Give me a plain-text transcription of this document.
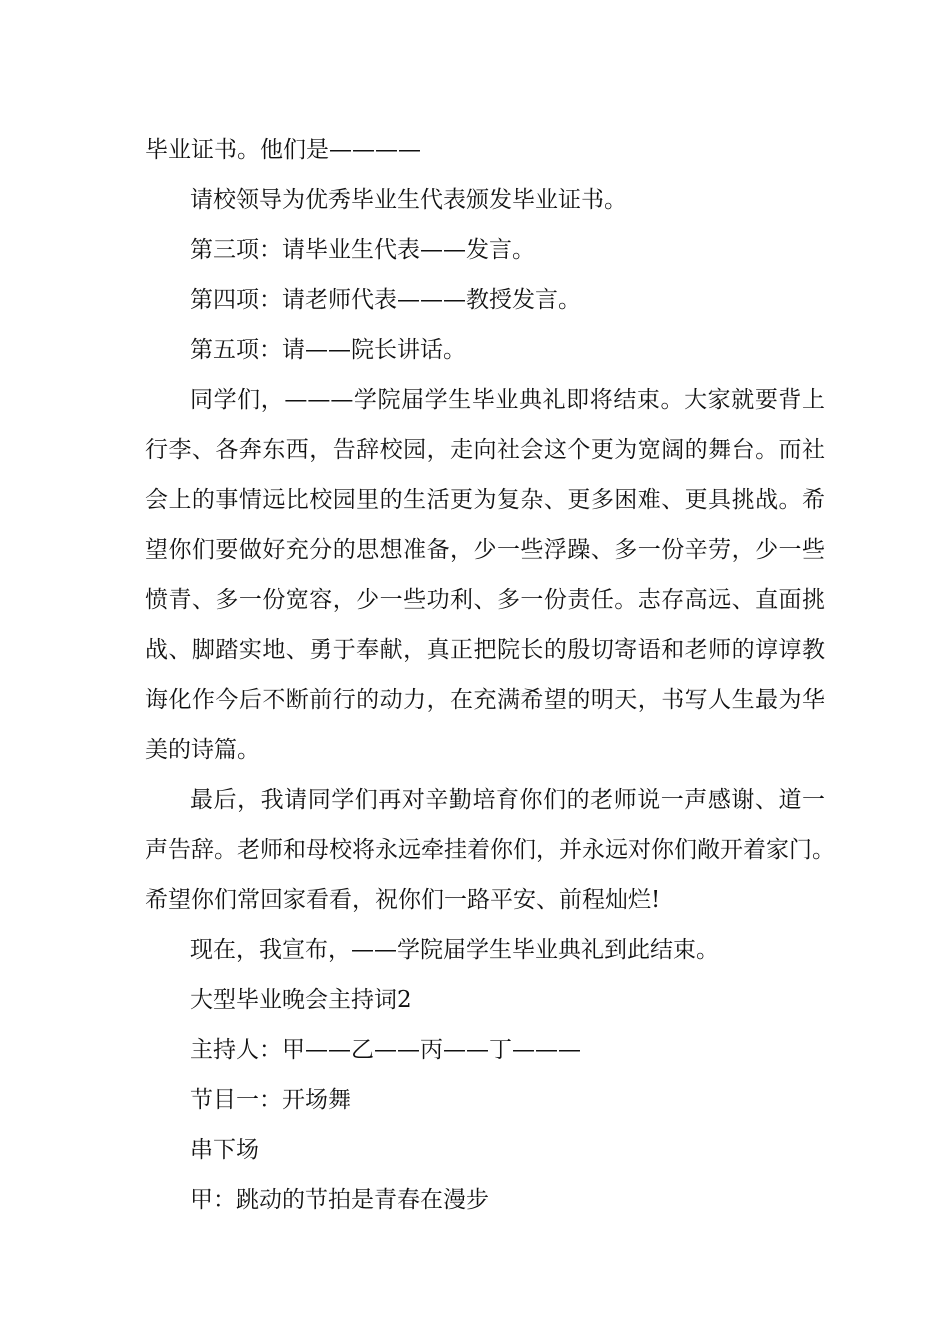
毕业证书。他们是————
请校领导为优秀毕业生代表颁发毕业证书。
第三项：请毕业生代表——发言。
第四项：请老师代表———教授发言。
第五项：请——院长讲话。
同学们，———学院届学生毕业典礼即将结束。大家就要背上
行李、各奔东西，告辞校园，走向社会这个更为宽阔的舞台。而社
会上的事情远比校园里的生活更为复杂、更多困难、更具挑战。希
望你们要做好充分的思想准备，少一些浮躁、多一份辛劳，少一些
愤青、多一份宽容，少一些功利、多一份责任。志存高远、直面挑
战、脚踏实地、勇于奉献，真正把院长的殷切寄语和老师的谆谆教
诲化作今后不断前行的动力，在充满希望的明天，书写人生最为华
美的诗篇。
最后，我请同学们再对辛勤培育你们的老师说一声感谢、道一
声告辞。老师和母校将永远牵挂着你们，并永远对你们敞开着家门。
希望你们常回家看看，祝你们一路平安、前程灿烂!
现在，我宣布，——学院届学生毕业典礼到此结束。
大型毕业晚会主持词2
主持人：甲——乙——丙——丁———
节目一：开场舞
串下场
甲：跳动的节拍是青春在漫步
